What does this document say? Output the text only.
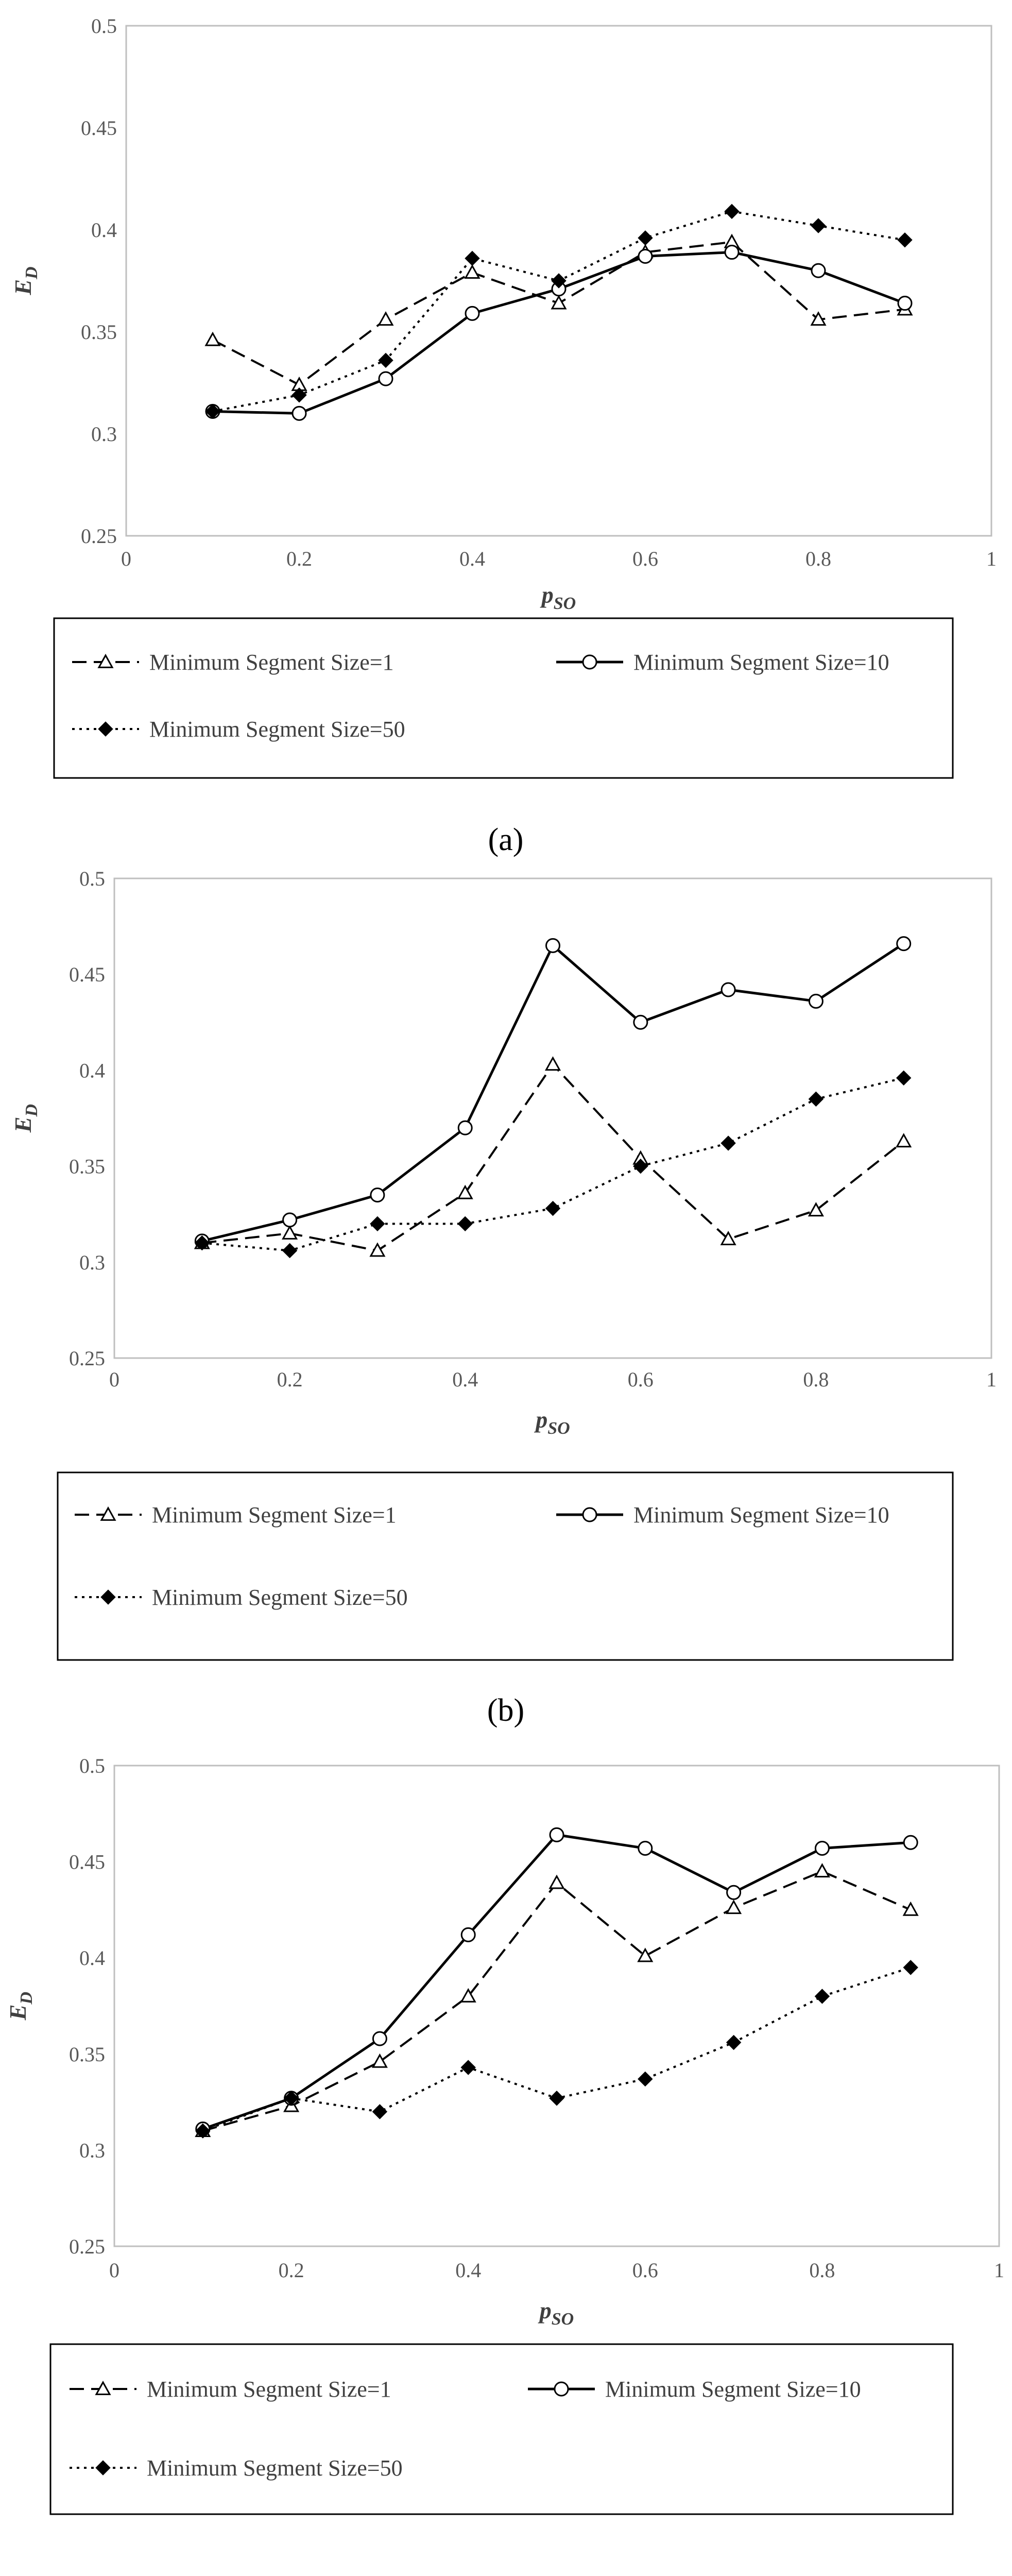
0.25
0.3
0.35
0.4
0.45
0.5
0	0.2	0.4	0.6	0.8	1
$p_{SO}$
$E_D$
Minimum Segment Size=1	Minimum Segment Size=10
Minimum Segment Size=50
(a)
0.25
0.3
0.35
0.4
0.45
0.5
0	0.2	0.4	0.6	0.8	1
$p_{SO}$
$E_D$
Minimum Segment Size=1	Minimum Segment Size=10
Minimum Segment Size=50
(b)
0.25
0.3
0.35
0.4
0.45
0.5
0	0.2	0.4	0.6	0.8	1
$p_{SO}$
$E_D$
Minimum Segment Size=1	Minimum Segment Size=10
Minimum Segment Size=50
